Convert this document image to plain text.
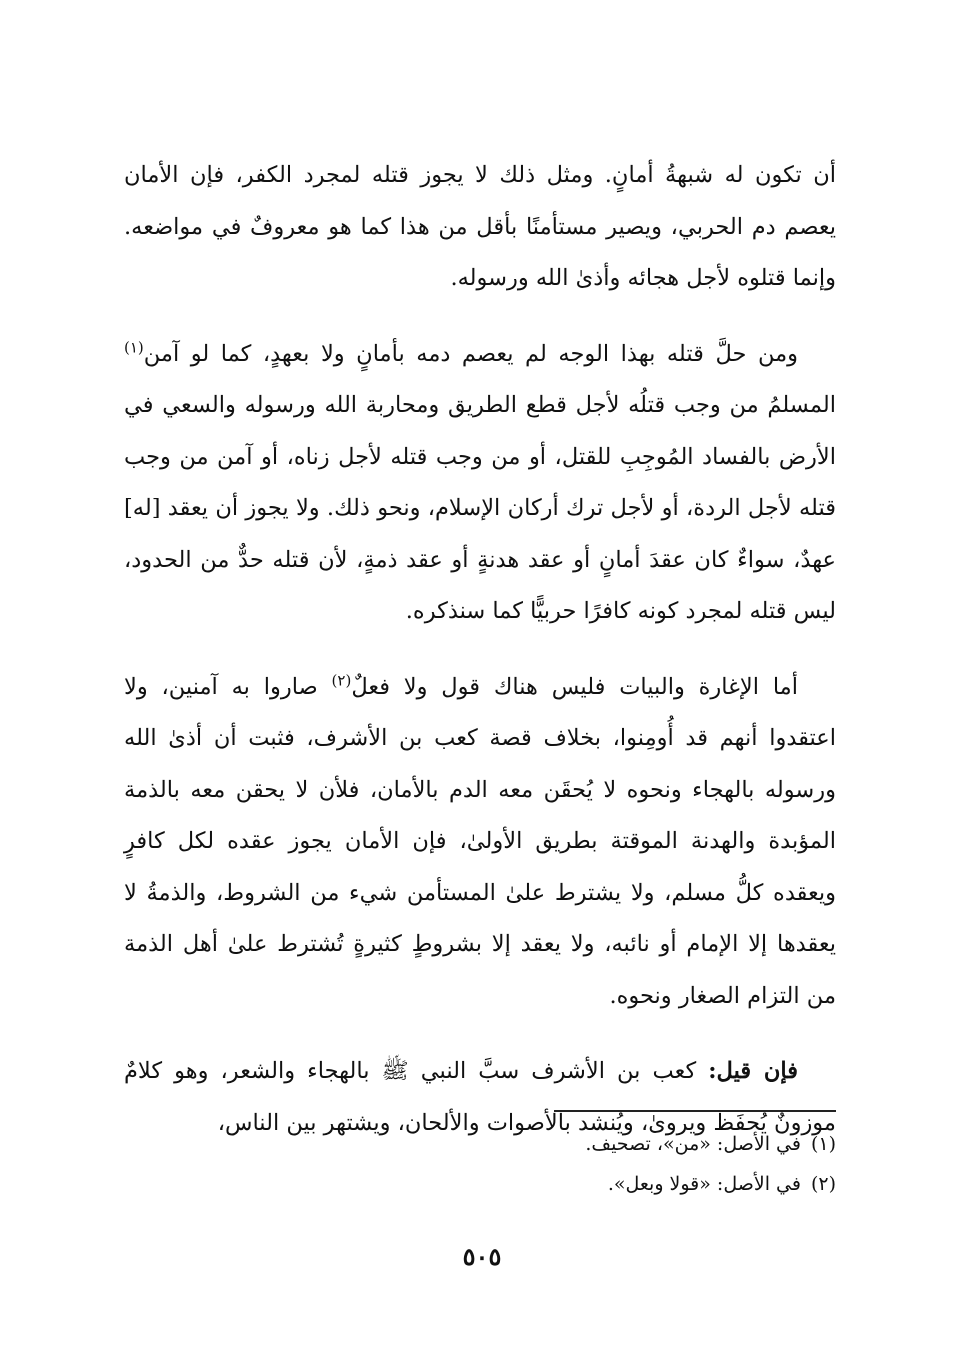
أن تكون له شبهةُ أمانٍ. ومثل ذلك لا يجوز قتله لمجرد الكفر، فإن الأمان يعصم دم الحربي، ويصير مستأمنًا بأقل من هذا كما هو معروفٌ في مواضعه. وإنما قتلوه لأجل هجائه وأذىٰ الله ورسوله.

ومن حلَّ قتله بهذا الوجه لم يعصم دمه بأمانٍ ولا بعهدٍ، كما لو آمن$^{(١)}$ المسلمُ من وجب قتلُه لأجل قطع الطريق ومحاربة الله ورسوله والسعي في الأرض بالفساد المُوجِبِ للقتل، أو من وجب قتله لأجل زناه، أو آمن من وجب قتله لأجل الردة، أو لأجل ترك أركان الإسلام، ونحو ذلك. ولا يجوز أن يعقد [له] عهدٌ، سواءٌ كان عقدَ أمانٍ أو عقد هدنةٍ أو عقد ذمةٍ، لأن قتله حدٌّ من الحدود، ليس قتله لمجرد كونه كافرًا حربيًّا كما سنذكره.

أما الإغارة والبيات فليس هناك قول ولا فعلٌ$^{(٢)}$ صاروا به آمنين، ولا اعتقدوا أنهم قد أُومِنوا، بخلاف قصة كعب بن الأشرف، فثبت أن أذىٰ الله ورسوله بالهجاء ونحوه لا يُحقَن معه الدم بالأمان، فلأن لا يحقن معه بالذمة المؤبدة والهدنة الموقتة بطريق الأولىٰ، فإن الأمان يجوز عقده لكل كافرٍ ويعقده كلُّ مسلم، ولا يشترط علىٰ المستأمن شيء من الشروط، والذمةُ لا يعقدها إلا الإمام أو نائبه، ولا يعقد إلا بشروطٍ كثيرةٍ تُشترط علىٰ أهل الذمة من التزام الصغار ونحوه.

فإن قيل: كعب بن الأشرف سبَّ النبي ﷺ بالهجاء والشعر، وهو كلامٌ موزونٌ يُحفَظ ويروىٰ، ويُنشد بالأصوات والألحان، ويشتهر بين الناس،

(١)في الأصل: «من»، تصحيف.
(٢)في الأصل: «قولا وبعل».
٥٠٥
